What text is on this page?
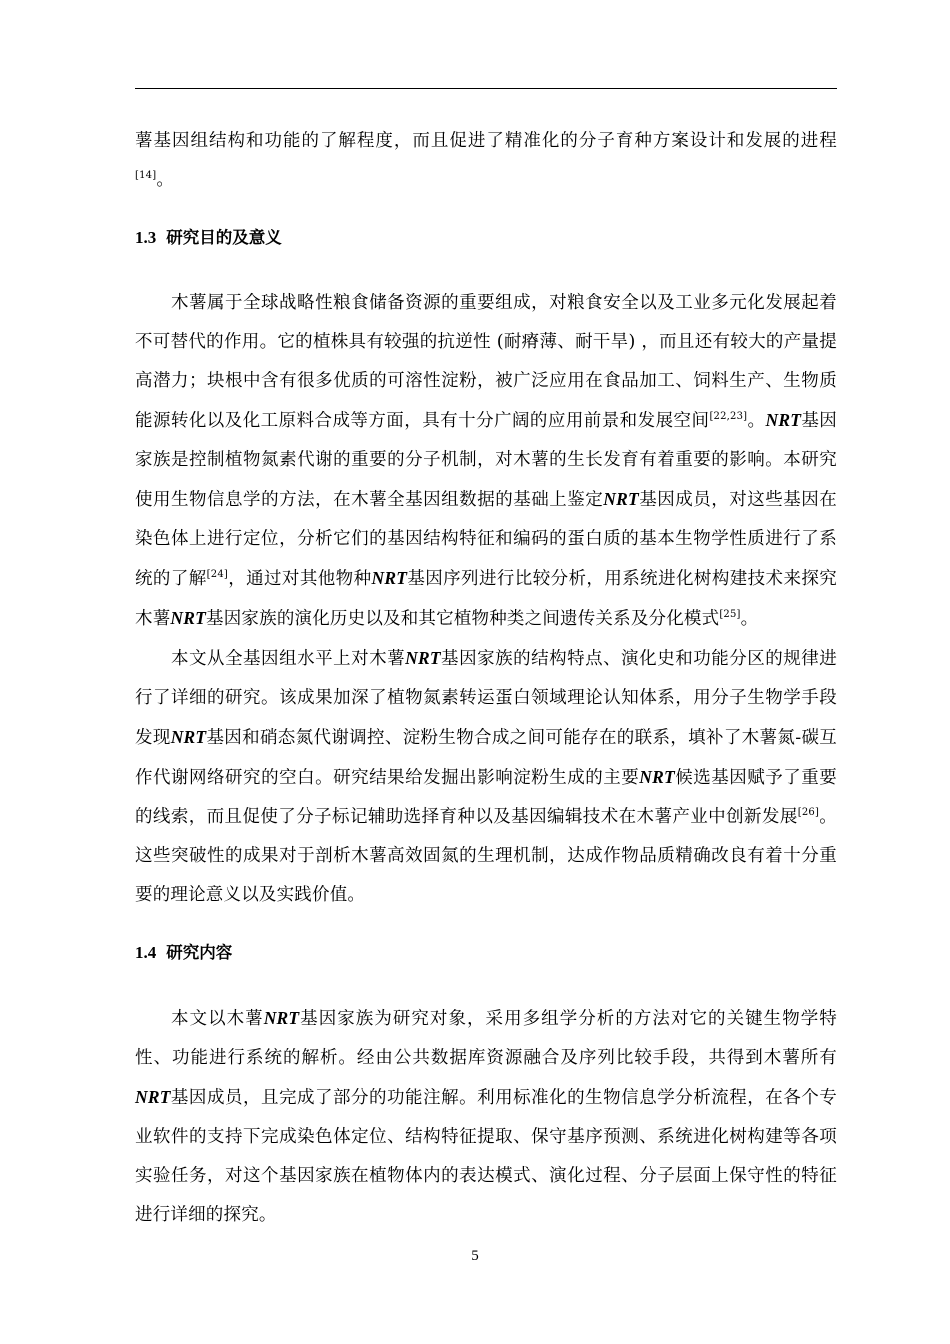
薯基因组结构和功能的了解程度，而且促进了精准化的分子育种方案设计和发展的进程[14]。

1.3 研究目的及意义

木薯属于全球战略性粮食储备资源的重要组成，对粮食安全以及工业多元化发展起着不可替代的作用。它的植株具有较强的抗逆性 (耐瘠薄、耐干旱) ，而且还有较大的产量提高潜力；块根中含有很多优质的可溶性淀粉，被广泛应用在食品加工、饲料生产、生物质能源转化以及化工原料合成等方面，具有十分广阔的应用前景和发展空间[22,23]。NRT基因家族是控制植物氮素代谢的重要的分子机制，对木薯的生长发育有着重要的影响。本研究使用生物信息学的方法，在木薯全基因组数据的基础上鉴定NRT基因成员，对这些基因在染色体上进行定位，分析它们的基因结构特征和编码的蛋白质的基本生物学性质进行了系统的了解[24]，通过对其他物种NRT基因序列进行比较分析，用系统进化树构建技术来探究木薯NRT基因家族的演化历史以及和其它植物种类之间遗传关系及分化模式[25]。

本文从全基因组水平上对木薯NRT基因家族的结构特点、演化史和功能分区的规律进行了详细的研究。该成果加深了植物氮素转运蛋白领域理论认知体系，用分子生物学手段发现NRT基因和硝态氮代谢调控、淀粉生物合成之间可能存在的联系，填补了木薯氮-碳互作代谢网络研究的空白。研究结果给发掘出影响淀粉生成的主要NRT候选基因赋予了重要的线索，而且促使了分子标记辅助选择育种以及基因编辑技术在木薯产业中创新发展[26]。这些突破性的成果对于剖析木薯高效固氮的生理机制，达成作物品质精确改良有着十分重要的理论意义以及实践价值。

1.4 研究内容

本文以木薯NRT基因家族为研究对象，采用多组学分析的方法对它的关键生物学特性、功能进行系统的解析。经由公共数据库资源融合及序列比较手段，共得到木薯所有NRT基因成员，且完成了部分的功能注解。利用标准化的生物信息学分析流程，在各个专业软件的支持下完成染色体定位、结构特征提取、保守基序预测、系统进化树构建等各项实验任务，对这个基因家族在植物体内的表达模式、演化过程、分子层面上保守性的特征进行详细的探究。

5
